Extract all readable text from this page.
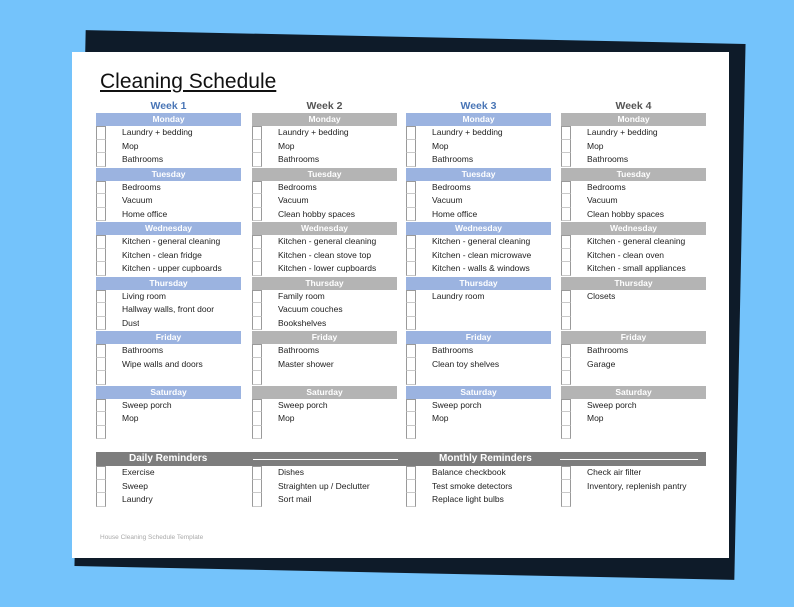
Cleaning Schedule
Week 1
Monday
Laundry + bedding
Mop
Bathrooms
Tuesday
Bedrooms
Vacuum
Home office
Wednesday
Kitchen - general cleaning
Kitchen - clean fridge
Kitchen - upper cupboards
Thursday
Living room
Hallway walls, front door
Dust
Friday
Bathrooms
Wipe walls and doors
Saturday
Sweep porch
Mop
Week 2
Monday
Laundry + bedding
Mop
Bathrooms
Tuesday
Bedrooms
Vacuum
Clean hobby spaces
Wednesday
Kitchen - general cleaning
Kitchen - clean stove top
Kitchen - lower cupboards
Thursday
Family room
Vacuum couches
Bookshelves
Friday
Bathrooms
Master shower
Saturday
Sweep porch
Mop
Week 3
Monday
Laundry + bedding
Mop
Bathrooms
Tuesday
Bedrooms
Vacuum
Home office
Wednesday
Kitchen - general cleaning
Kitchen - clean microwave
Kitchen - walls & windows
Thursday
Laundry room
Friday
Bathrooms
Clean toy shelves
Saturday
Sweep porch
Mop
Week 4
Monday
Laundry + bedding
Mop
Bathrooms
Tuesday
Bedrooms
Vacuum
Clean hobby spaces
Wednesday
Kitchen - general cleaning
Kitchen - clean oven
Kitchen - small appliances
Thursday
Closets
Friday
Bathrooms
Garage
Saturday
Sweep porch
Mop
Daily Reminders	Monthly Reminders
Exercise
Sweep
Laundry
Dishes
Straighten up / Declutter
Sort mail
Balance checkbook
Test smoke detectors
Replace light bulbs
Check air filter
Inventory, replenish pantry
House Cleaning Schedule Template
